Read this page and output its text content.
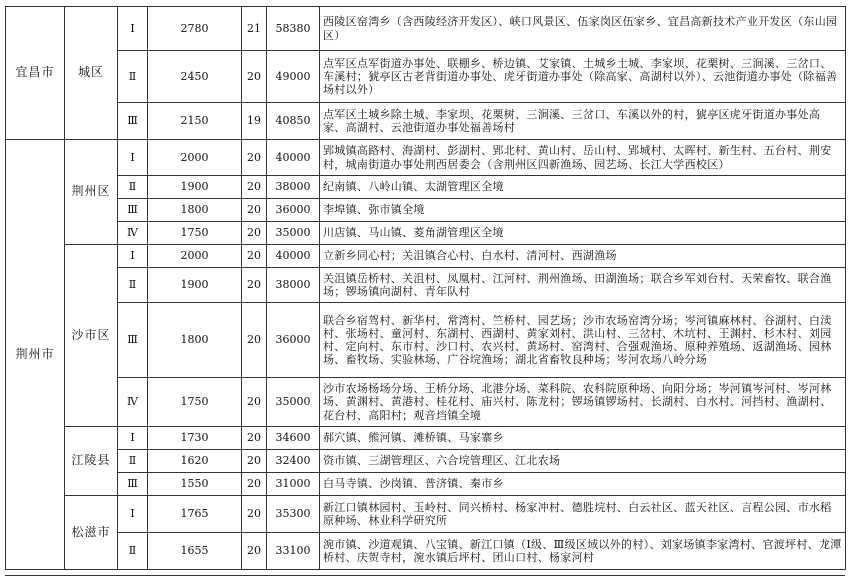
宜昌市	城区	Ⅰ	2780	21	58380	西陵区窑湾乡（含西陵经济开发区）、峡口风景区、伍家岗区伍家乡、宜昌高新技术产业开发区（东山园区）
		Ⅱ	2450	20	49000	点军区点军街道办事处、联棚乡、桥边镇、艾家镇、土城乡土城、李家坝、花栗树、三涧溪、三岔口、车溪村；猇亭区古老背街道办事处、虎牙街道办事处（除高家、高湖村以外）、云池街道办事处（除福善场村以外）
		Ⅲ	2150	19	40850	点军区土城乡除土城、李家坝、花栗树、三涧溪、三岔口、车溪以外的村，猇亭区虎牙街道办事处高家、高湖村、云池街道办事处福善场村
荆州市	荆州区	Ⅰ	2000	20	40000	郢城镇高路村、海湖村、彭湖村、郢北村、黄山村、岳山村、郢城村、太晖村、新生村、五台村、荆安村，城南街道办事处荆西居委会（含荆州区四新渔场、园艺场、长江大学西校区）
		Ⅱ	1900	20	38000	纪南镇、八岭山镇、太湖管理区全境
		Ⅲ	1800	20	36000	李埠镇、弥市镇全境
		Ⅳ	1750	20	35000	川店镇、马山镇、菱角湖管理区全境
	沙市区	Ⅰ	2000	20	40000	立新乡同心村；关沮镇合心村、白水村、清河村、西湖渔场
		Ⅱ	1900	20	38000	关沮镇岳桥村、关沮村、凤凰村、江河村、荆州渔场、田湖渔场；联合乡军刘台村、天荣畜牧、联合渔场；锣场镇向湖村、青年队村
		Ⅲ	1800	20	36000	联合乡宿驾村、新华村、常湾村、竺桥村、园艺场；沙市农场窑湾分场；岑河镇麻林村、谷湖村、白渎村、张场村、童河村、东湖村、西湖村、黄家刘村、洪山村、三岔村、木坑村、王渊村、杉木村、刘园村、定向村、东市村、沙口村、农兴村、黄场村、窑湾村、合强观渔场、原种养殖场、返湖渔场、园林场、畜牧场、实验林场、广谷垸渔场；湖北省畜牧良种场；岑河农场八岭分场
		Ⅳ	1750	20	35000	沙市农场杨场分场、王桥分场、北港分场、菜科院、农科院原种场、向阳分场；岑河镇岑河村、岑河林场、黄渊村、黄港村、桂花村、庙兴村、陈龙村；锣场镇锣场村、长湖村、白水村、河挡村、渔湖村、花台村、高阳村；观音垱镇全境
	江陵县	Ⅰ	1730	20	34600	郝穴镇、熊河镇、滩桥镇、马家寨乡
		Ⅱ	1620	20	32400	资市镇、三湖管理区、六合垸管理区、江北农场
		Ⅲ	1550	20	31000	白马寺镇、沙岗镇、普济镇、秦市乡
	松滋市	Ⅰ	1765	20	35300	新江口镇林园村、玉岭村、同兴桥村、杨家冲村、德胜垸村、白云社区、蓝天社区、言程公园、市水稻原种场、林业科学研究所
		Ⅱ	1655	20	33100	涴市镇、沙道观镇、八宝镇、新江口镇（Ⅰ级、Ⅲ级区域以外的村）、刘家场镇李家湾村、官渡坪村、龙潭桥村、庆贺寺村，涴水镇后坪村、团山口村、杨家河村
